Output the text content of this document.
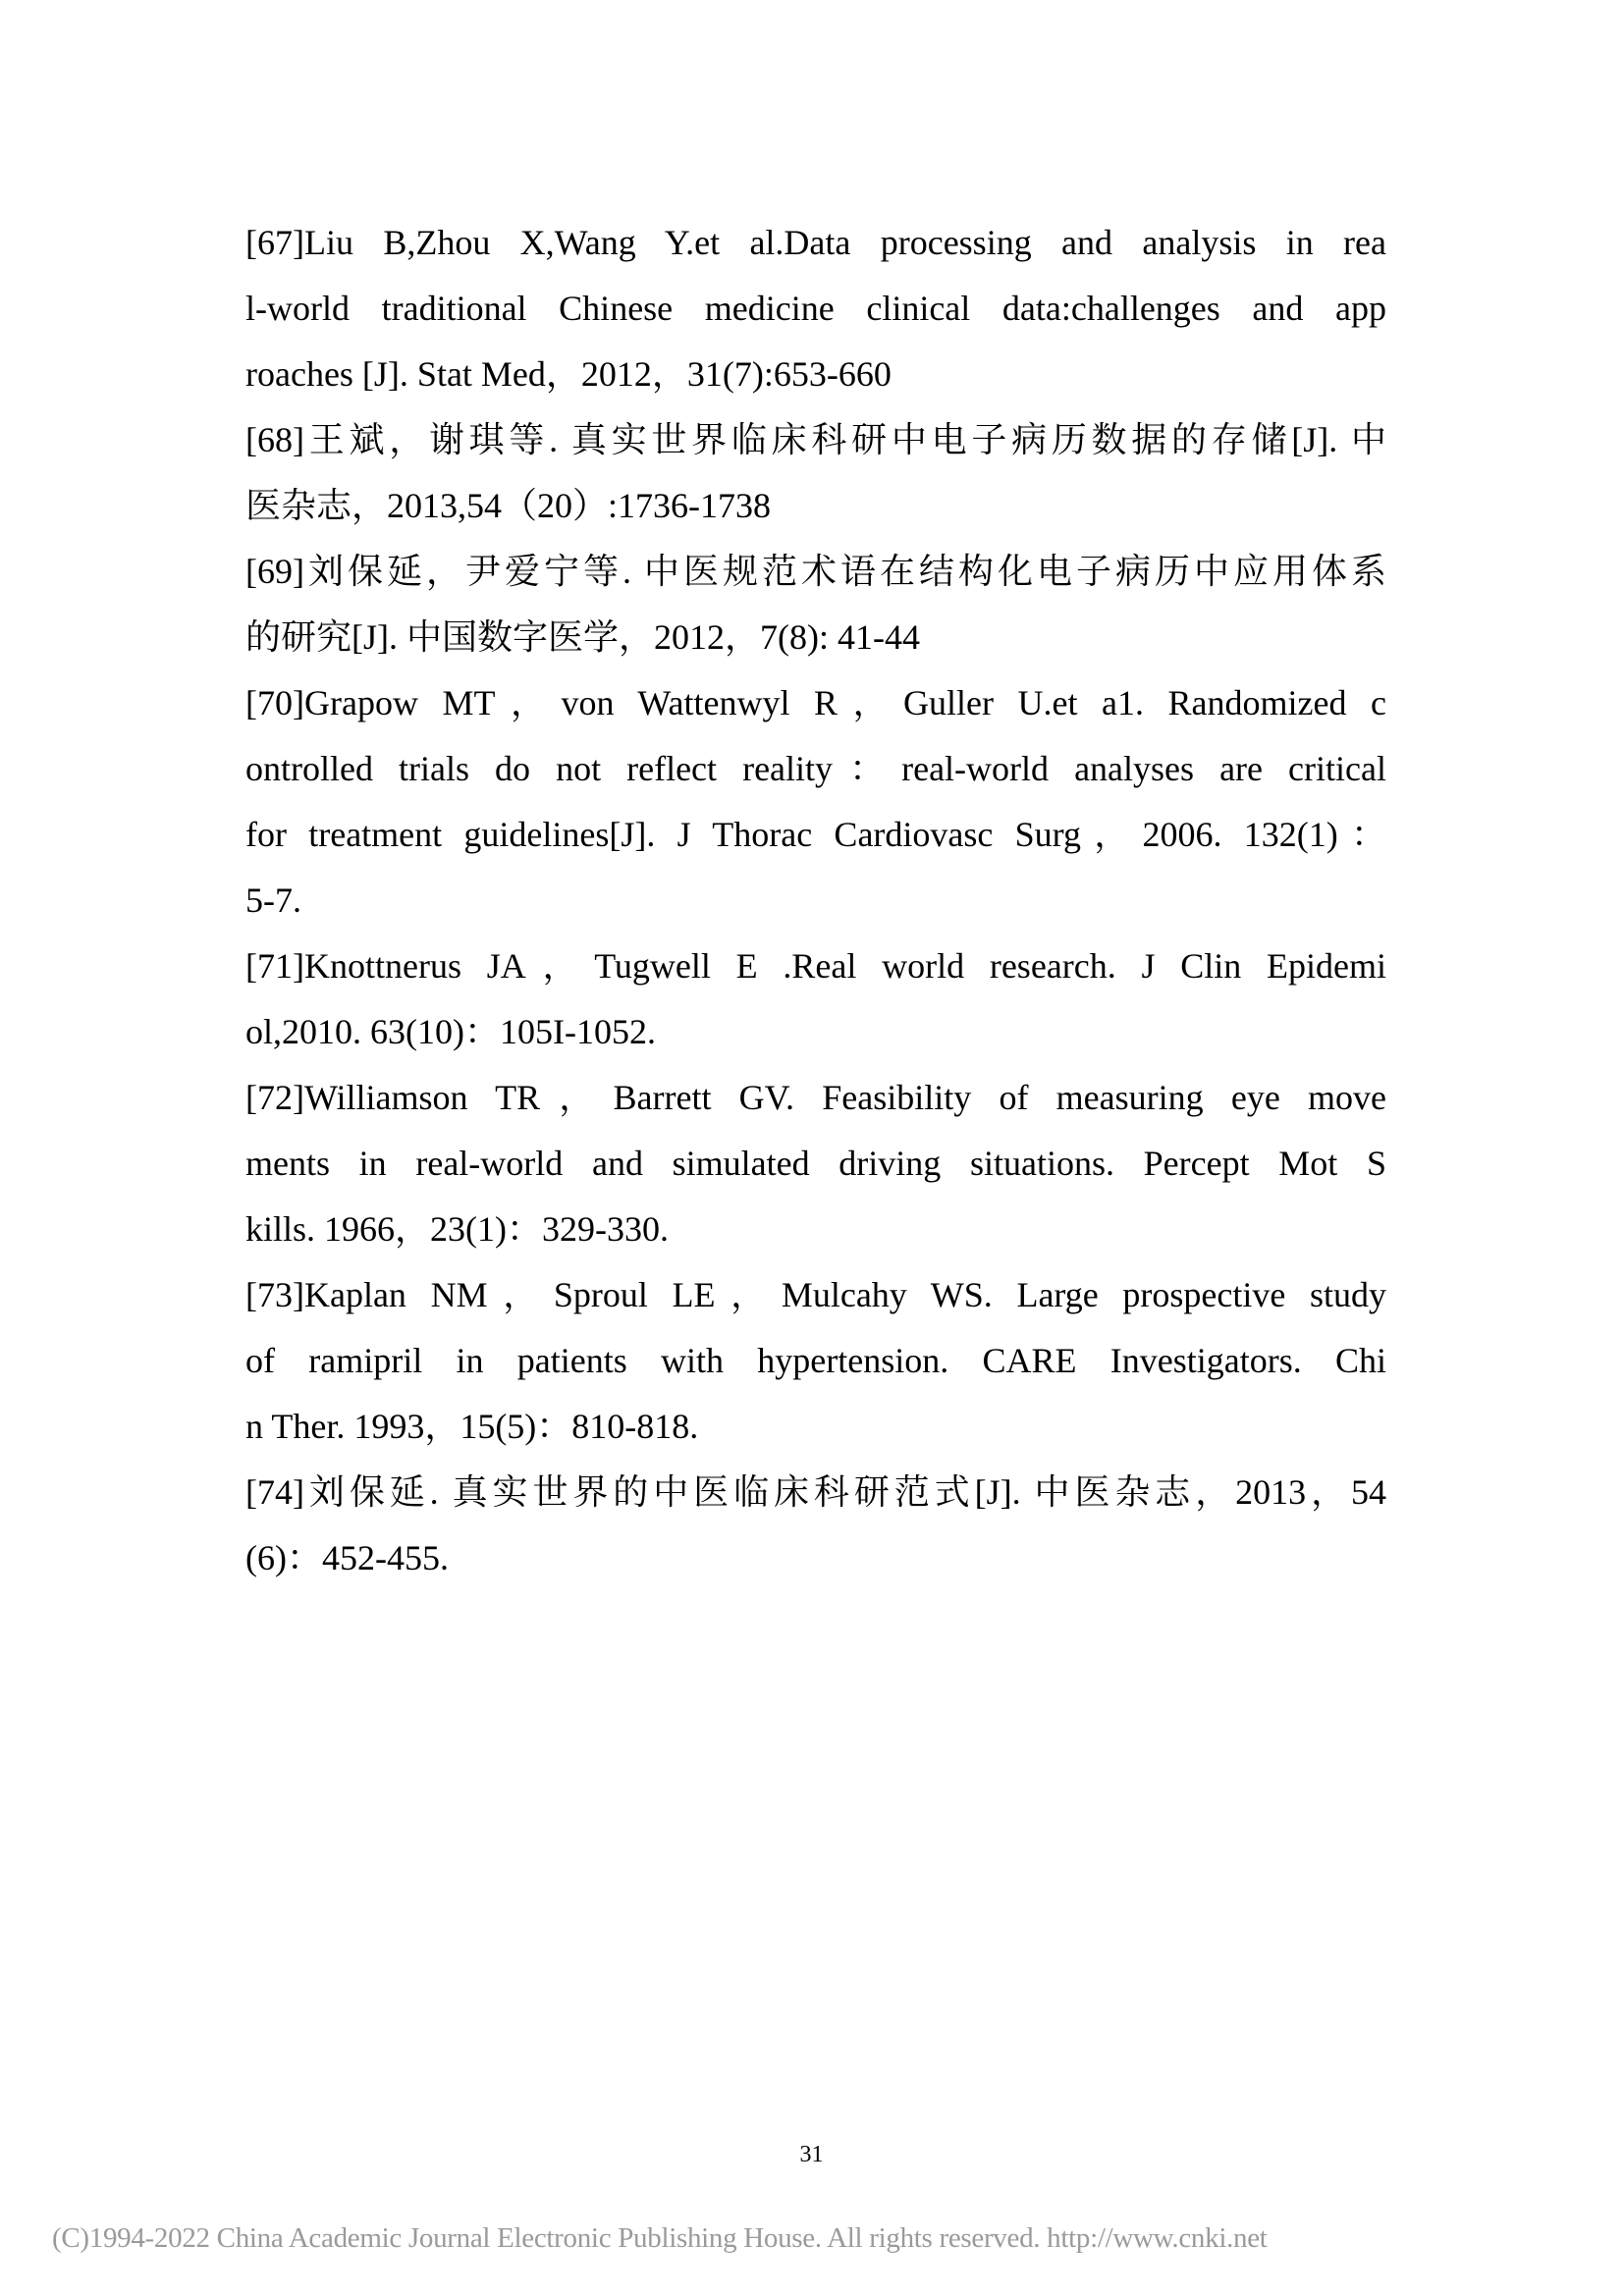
[67]Liu B,Zhou X,Wang Y.et al.Data processing and analysis in rea
l-world traditional Chinese medicine clinical data:challenges and app
roaches [J]. Stat Med，2012，31(7):653-660
[68]王斌，谢琪等. 真实世界临床科研中电子病历数据的存储[J]. 中
医杂志，2013,54（20）:1736-1738
[69]刘保延，尹爱宁等. 中医规范术语在结构化电子病历中应用体系
的研究[J]. 中国数字医学，2012，7(8): 41-44
[70]Grapow MT，von Wattenwyl R，Guller U.et a1. Randomized c
ontrolled trials do not reflect reality：real-world analyses are critical
for treatment guidelines[J]. J Thorac Cardiovasc Surg，2006. 132(1)：
5-7.
[71]Knottnerus JA，Tugwell E .Real world research. J Clin Epidemi
ol,2010. 63(10)：105I-1052.
[72]Williamson TR，Barrett GV. Feasibility of measuring eye move
ments in real-world and simulated driving situations. Percept Mot S
kills. 1966，23(1)：329-330.
[73]Kaplan NM，Sproul LE，Mulcahy WS. Large prospective study
of ramipril in patients with hypertension. CARE Investigators. Chi
n Ther. 1993，15(5)：810-818.
[74]刘保延. 真实世界的中医临床科研范式[J]. 中医杂志，2013，54
(6)：452-455.
31
(C)1994-2022 China Academic Journal Electronic Publishing House. All rights reserved. http://www.cnki.net
